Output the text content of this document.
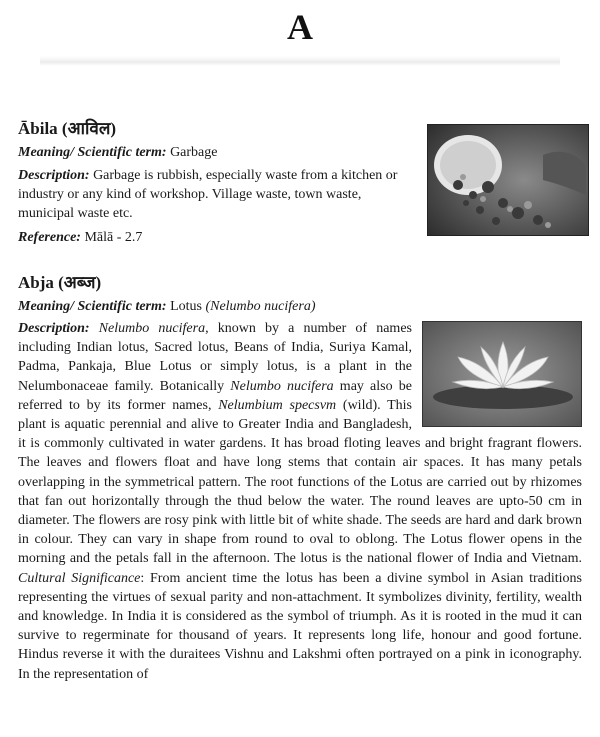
A
Ābila (आविल)

Meaning/ Scientific term: Garbage

Description: Garbage is rubbish, especially waste from a kitchen or industry or any kind of workshop. Village waste, town waste, municipal waste etc.

Reference: Mālā - 2.7

Abja (अब्ज)

Meaning/ Scientific term: Lotus (Nelumbo nucifera)

Description: Nelumbo nucifera, known by a number of names including Indian lotus, Sacred lotus, Beans of India, Suriya Kamal, Padma, Pankaja, Blue Lotus or simply lotus, is a plant in the Nelumbonaceae family. Botanically Nelumbo nucifera may also be referred to by its former names, Nelumbium specsvm (wild). This plant is aquatic perennial and alive to Greater India and Bangladesh, it is commonly cultivated in water gardens. It has broad floting leaves and bright fragrant flowers. The leaves and flowers float and have long stems that contain air spaces. It has many petals overlapping in the symmetrical pattern. The root functions of the Lotus are carried out by rhizomes that fan out horizontally through the thud below the water. The round leaves are upto-50 cm in diameter. The flowers are rosy pink with little bit of white shade. The seeds are hard and dark brown in colour. They can vary in shape from round to oval to oblong. The Lotus flower opens in the morning and the petals fall in the afternoon. The lotus is the national flower of India and Vietnam. Cultural Significance: From ancient time the lotus has been a divine symbol in Asian traditions representing the virtues of sexual parity and non-attachment. It symbolizes divinity, fertility, wealth and knowledge. In India it is considered as the symbol of triumph. As it is rooted in the mud it can survive to regerminate for thousand of years. It represents long life, honour and good fortune. Hindus reverse it with the duraitees Vishnu and Lakshmi often portrayed on a pink in iconography. In the representation of
